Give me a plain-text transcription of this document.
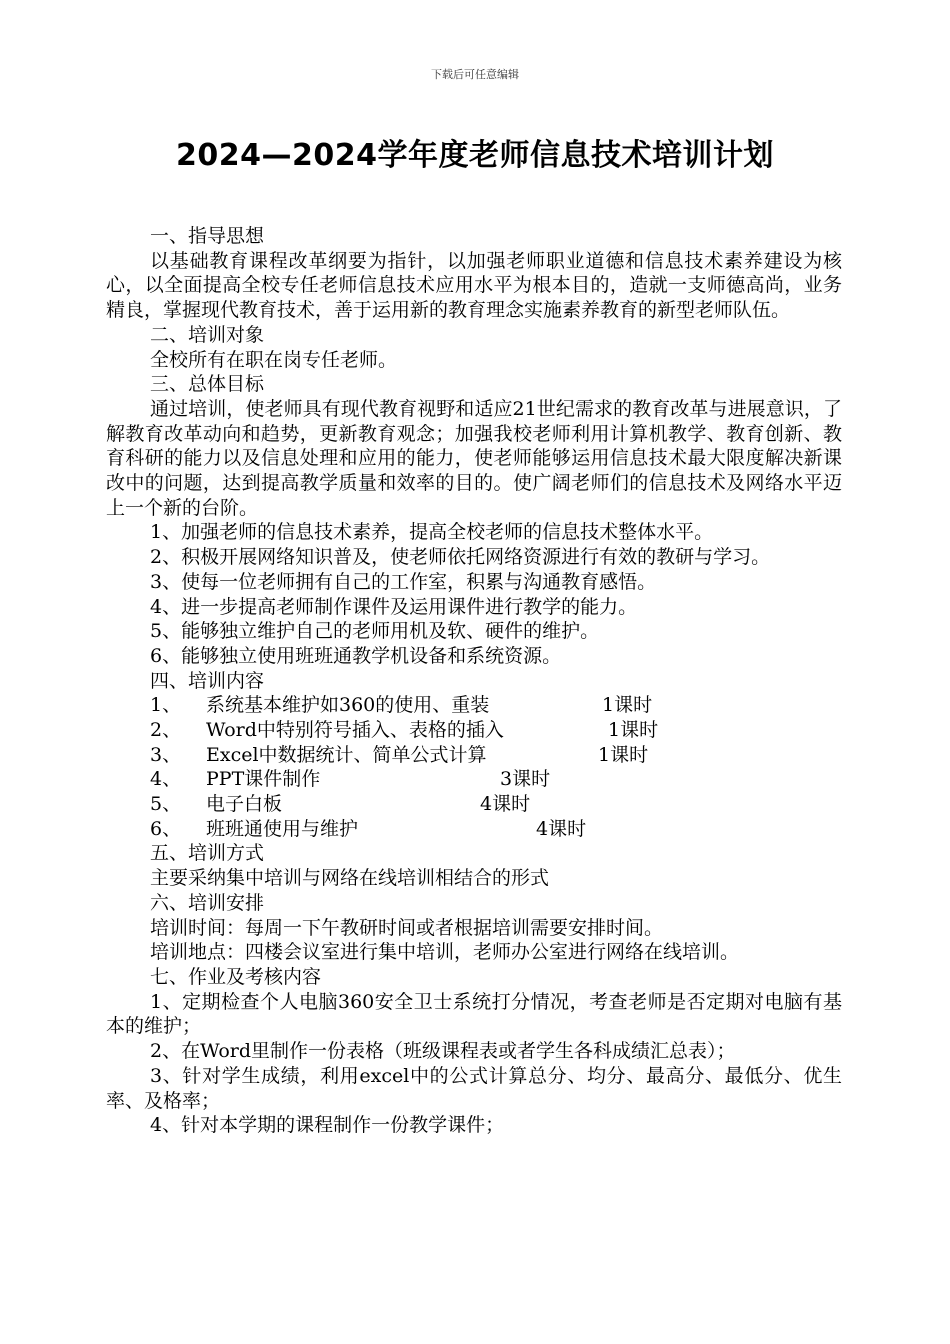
下载后可任意编辑
2024—2024学年度老师信息技术培训计划

一、指导思想

以基础教育课程改革纲要为指针，以加强老师职业道德和信息技术素养建设为核心，以全面提高全校专任老师信息技术应用水平为根本目的，造就一支师德高尚，业务精良，掌握现代教育技术，善于运用新的教育理念实施素养教育的新型老师队伍。

二、培训对象

全校所有在职在岗专任老师。

三、总体目标

通过培训，使老师具有现代教育视野和适应21世纪需求的教育改革与进展意识，了解教育改革动向和趋势，更新教育观念；加强我校老师利用计算机教学、教育创新、教育科研的能力以及信息处理和应用的能力，使老师能够运用信息技术最大限度解决新课改中的问题，达到提高教学质量和效率的目的。使广阔老师们的信息技术及网络水平迈上一个新的台阶。

1、加强老师的信息技术素养，提高全校老师的信息技术整体水平。

2、积极开展网络知识普及，使老师依托网络资源进行有效的教研与学习。

3、使每一位老师拥有自己的工作室，积累与沟通教育感悟。

4、进一步提高老师制作课件及运用课件进行教学的能力。

5、能够独立维护自己的老师用机及软、硬件的维护。

6、能够独立使用班班通教学机设备和系统资源。

四、培训内容

1、	系统基本维护如360的使用、重装	1课时
2、	Word中特别符号插入、表格的插入	1课时
3、	Excel中数据统计、简单公式计算	1课时
4、	PPT课件制作	3课时
5、	电子白板	4课时
6、	班班通使用与维护	4课时

五、培训方式

主要采纳集中培训与网络在线培训相结合的形式

六、培训安排

培训时间：每周一下午教研时间或者根据培训需要安排时间。

培训地点：四楼会议室进行集中培训，老师办公室进行网络在线培训。

七、作业及考核内容

1、定期检查个人电脑360安全卫士系统打分情况，考查老师是否定期对电脑有基本的维护；

2、在Word里制作一份表格（班级课程表或者学生各科成绩汇总表）；

3、针对学生成绩，利用excel中的公式计算总分、均分、最高分、最低分、优生率、及格率；

4、针对本学期的课程制作一份教学课件；
